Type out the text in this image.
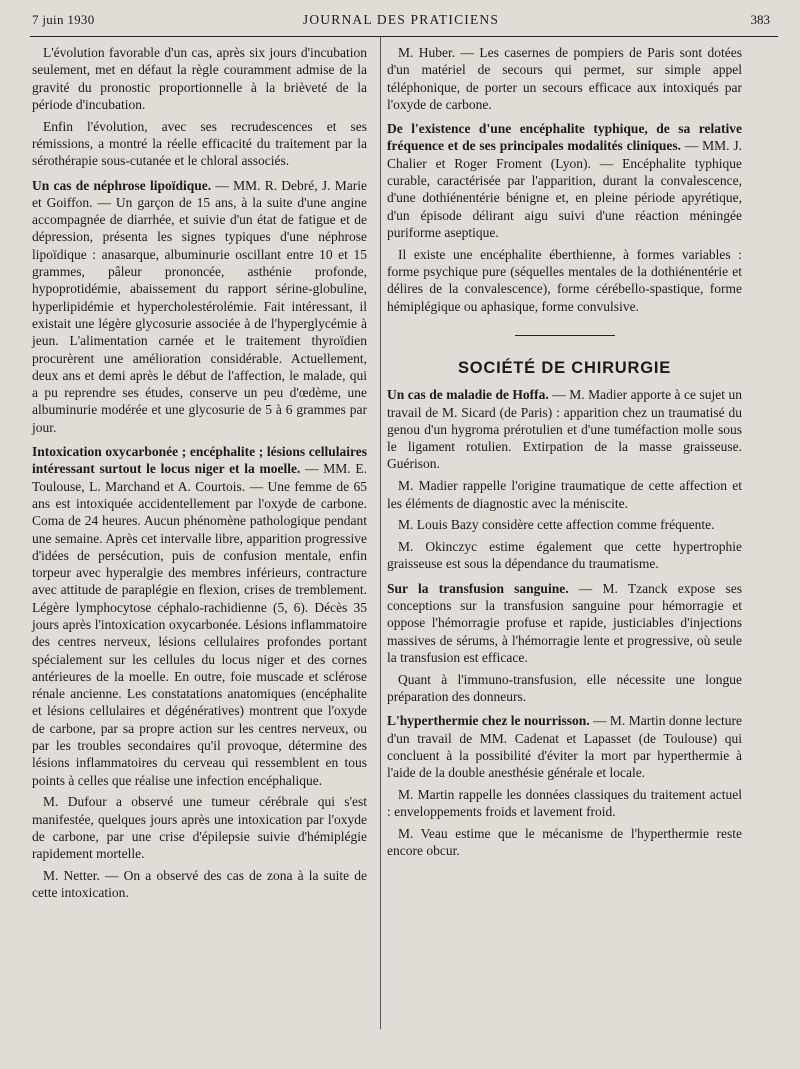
7 juin 1930	JOURNAL DES PRATICIENS	383

L'évolution favorable d'un cas, après six jours d'incubation seulement, met en défaut la règle couramment admise de la gravité du pronostic proportionnelle à la brièveté de la période d'incubation.

Enfin l'évolution, avec ses recrudescences et ses rémissions, a montré la réelle efficacité du traitement par la sérothérapie sous-cutanée et le chloral associés.

Un cas de néphrose lipoïdique. — MM. R. Debré, J. Marie et Goiffon. — Un garçon de 15 ans, à la suite d'une angine accompagnée de diarrhée, et suivie d'un état de fatigue et de dépression, présenta les signes typiques d'une néphrose lipoïdique : anasarque, albuminurie oscillant entre 10 et 15 grammes, pâleur prononcée, asthénie profonde, hypoprotidémie, abaissement du rapport sérine-globuline, hyperlipidémie et hypercholestérolémie. Fait intéressant, il existait une légère glycosurie associée à de l'hyperglycémie à jeun. L'alimentation carnée et le traitement thyroïdien procurèrent une amélioration considérable. Actuellement, deux ans et demi après le début de l'affection, le malade, qui a pu reprendre ses études, conserve un peu d'œdème, une albuminurie modérée et une glycosurie de 5 à 6 grammes par jour.

Intoxication oxycarbonée ; encéphalite ; lésions cellulaires intéressant surtout le locus niger et la moelle. — MM. E. Toulouse, L. Marchand et A. Courtois. — Une femme de 65 ans est intoxiquée accidentellement par l'oxyde de carbone. Coma de 24 heures. Aucun phénomène pathologique pendant une semaine. Après cet intervalle libre, apparition progressive d'idées de persécution, puis de confusion mentale, enfin torpeur avec hyperalgie des membres inférieurs, contracture avec attitude de paraplégie en flexion, crises de tremblement. Légère lymphocytose céphalo-rachidienne (5, 6). Décès 35 jours après l'intoxication oxycarbonée. Lésions inflammatoire des centres nerveux, lésions cellulaires profondes portant spécialement sur les cellules du locus niger et des cornes antérieures de la moelle. En outre, foie muscade et sclérose rénale ancienne. Les constatations anatomiques (encéphalite et lésions cellulaires et dégénératives) montrent que l'oxyde de carbone, par sa propre action sur les centres nerveux, ou par les troubles secondaires qu'il provoque, détermine des lésions inflammatoires du cerveau qui ressemblent en tous points à celles que réalise une infection encéphalique.

M. Dufour a observé une tumeur cérébrale qui s'est manifestée, quelques jours après une intoxication par l'oxyde de carbone, par une crise d'épilepsie suivie d'hémiplégie rapidement mortelle.

M. Netter. — On a observé des cas de zona à la suite de cette intoxication.

M. Huber. — Les casernes de pompiers de Paris sont dotées d'un matériel de secours qui permet, sur simple appel téléphonique, de porter un secours efficace aux intoxiqués par l'oxyde de carbone.

De l'existence d'une encéphalite typhique, de sa relative fréquence et de ses principales modalités cliniques. — MM. J. Chalier et Roger Froment (Lyon). — Encéphalite typhique curable, caractérisée par l'apparition, durant la convalescence, d'une dothiénentérie bénigne et, en pleine période apyrétique, d'un épisode délirant aigu suivi d'une réaction méningée puriforme aseptique.

Il existe une encéphalite éberthienne, à formes variables : forme psychique pure (séquelles mentales de la dothiénentérie et délires de la convalescence), forme cérébello-spastique, forme hémiplégique ou aphasique, forme convulsive.

SOCIÉTÉ DE CHIRURGIE

Un cas de maladie de Hoffa. — M. Madier apporte à ce sujet un travail de M. Sicard (de Paris) : apparition chez un traumatisé du genou d'un hygroma prérotulien et d'une tuméfaction molle sous le ligament rotulien. Extirpation de la masse graisseuse. Guérison.

M. Madier rappelle l'origine traumatique de cette affection et les éléments de diagnostic avec la méniscite.

M. Louis Bazy considère cette affection comme fréquente.

M. Okinczyc estime également que cette hypertrophie graisseuse est sous la dépendance du traumatisme.

Sur la transfusion sanguine. — M. Tzanck expose ses conceptions sur la transfusion sanguine pour hémorragie et oppose l'hémorragie profuse et rapide, justiciables d'injections massives de sérums, à l'hémorragie lente et progressive, où seule la transfusion est efficace.

Quant à l'immuno-transfusion, elle nécessite une longue préparation des donneurs.

L'hyperthermie chez le nourrisson. — M. Martin donne lecture d'un travail de MM. Cadenat et Lapasset (de Toulouse) qui concluent à la possibilité d'éviter la mort par hyperthermie à l'aide de la double anesthésie générale et locale.

M. Martin rappelle les données classiques du traitement actuel : enveloppements froids et lavement froid.

M. Veau estime que le mécanisme de l'hyperthermie reste encore obcur.
